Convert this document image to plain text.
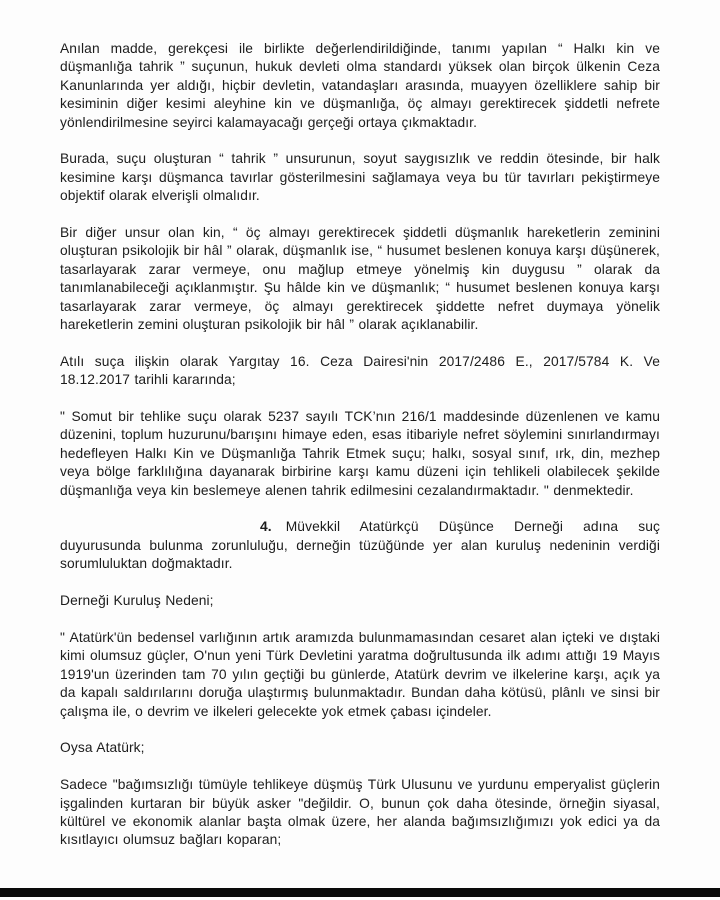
Anılan madde, gerekçesi ile birlikte değerlendirildiğinde, tanımı yapılan “ Halkı kin ve düşmanlığa tahrik ” suçunun, hukuk devleti olma standardı yüksek olan birçok ülkenin Ceza Kanunlarında yer aldığı, hiçbir devletin, vatandaşları arasında, muayyen özelliklere sahip bir kesiminin diğer kesimi aleyhine kin ve düşmanlığa, öç almayı gerektirecek şiddetli nefrete yönlendirilmesine seyirci kalamayacağı gerçeği ortaya çıkmaktadır.

Burada, suçu oluşturan “ tahrik ” unsurunun, soyut saygısızlık ve reddin ötesinde, bir halk kesimine karşı düşmanca tavırlar gösterilmesini sağlamaya veya bu tür tavırları pekiştirmeye objektif olarak elverişli olmalıdır.

Bir diğer unsur olan kin, “ öç almayı gerektirecek şiddetli düşmanlık hareketlerin zeminini oluşturan psikolojik bir hâl ” olarak, düşmanlık ise, “ husumet beslenen konuya karşı düşünerek, tasarlayarak zarar vermeye, onu mağlup etmeye yönelmiş kin duygusu ” olarak da tanımlanabileceği açıklanmıştır. Şu hâlde kin ve düşmanlık; “ husumet beslenen konuya karşı tasarlayarak zarar vermeye, öç almayı gerektirecek şiddette nefret duymaya yönelik hareketlerin zemini oluşturan psikolojik bir hâl ” olarak açıklanabilir.

Atılı suça ilişkin olarak Yargıtay 16. Ceza Dairesi'nin 2017/2486 E., 2017/5784 K. Ve 18.12.2017 tarihli kararında;

" Somut bir tehlike suçu olarak 5237 sayılı TCK’nın 216/1 maddesinde düzenlenen ve kamu düzenini, toplum huzurunu/barışını himaye eden, esas itibariyle nefret söylemini sınırlandırmayı hedefleyen Halkı Kin ve Düşmanlığa Tahrik Etmek suçu; halkı, sosyal sınıf, ırk, din, mezhep veya bölge farklılığına dayanarak birbirine karşı kamu düzeni için tehlikeli olabilecek şekilde düşmanlığa veya kin beslemeye alenen tahrik edilmesini cezalandırmaktadır. " denmektedir.

4. Müvekkil Atatürkçü Düşünce Derneği adına suç duyurusunda bulunma zorunluluğu, derneğin tüzüğünde yer alan kuruluş nedeninin verdiği sorumluluktan doğmaktadır.

Derneği Kuruluş Nedeni;

" Atatürk'ün bedensel varlığının artık aramızda bulunmamasından cesaret alan içteki ve dıştaki kimi olumsuz güçler, O'nun yeni Türk Devletini yaratma doğrultusunda ilk adımı attığı 19 Mayıs 1919'un üzerinden tam 70 yılın geçtiği bu günlerde, Atatürk devrim ve ilkelerine karşı, açık ya da kapalı saldırılarını doruğa ulaştırmış bulunmaktadır. Bundan daha kötüsü, plânlı ve sinsi bir çalışma ile, o devrim ve ilkeleri gelecekte yok etmek çabası içindeler.

Oysa Atatürk;

Sadece "bağımsızlığı tümüyle tehlikeye düşmüş Türk Ulusunu ve yurdunu emperyalist güçlerin işgalinden kurtaran bir büyük asker "değildir. O, bunun çok daha ötesinde, örneğin siyasal, kültürel ve ekonomik alanlar başta olmak üzere, her alanda bağımsızlığımızı yok edici ya da kısıtlayıcı olumsuz bağları koparan;
